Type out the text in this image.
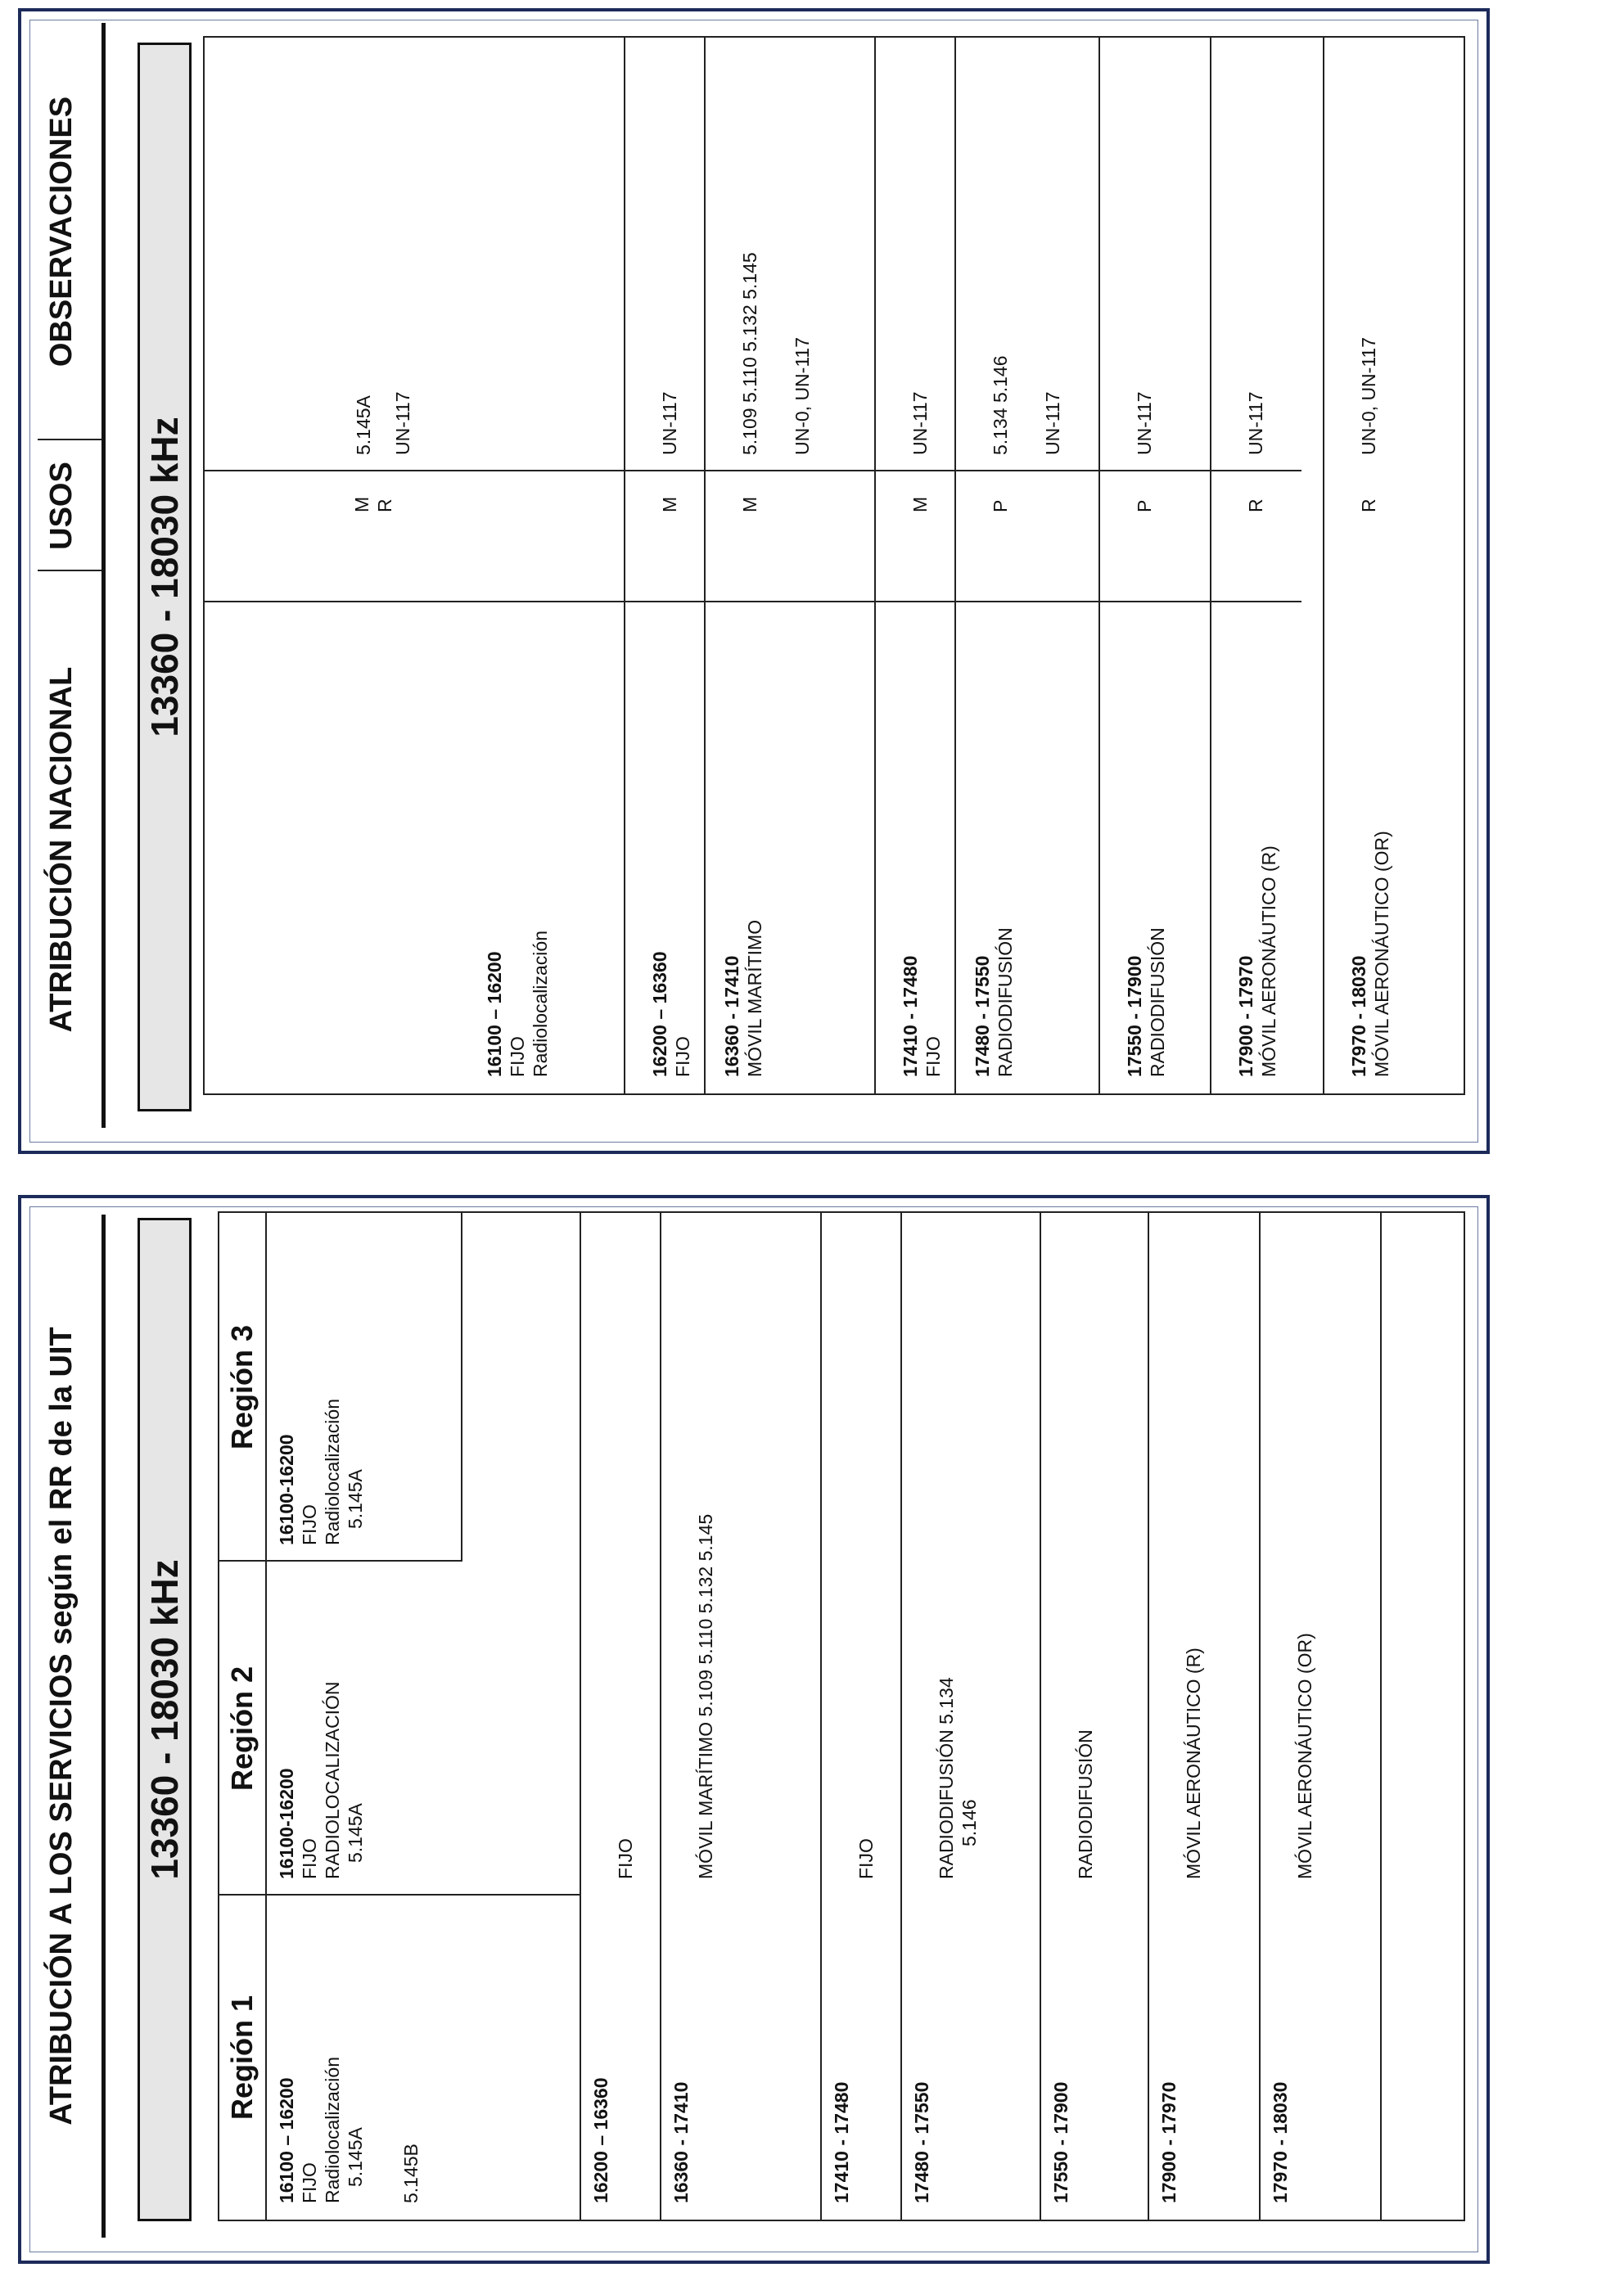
ATRIBUCIÓN A LOS SERVICIOS según el RR de la UIT 13360 - 18030 kHz
Región 1
Región 2
Región 3
16100 – 16200 FIJO Radiolocalización 5.145A 5.145B
16100-16200 FIJO RADIOLOCALIZACIÓN 5.145A
16100-16200 FIJO Radiolocalización 5.145A
16200 – 16360
FIJO
16360 - 17410
MÓVIL MARÍTIMO 5.109 5.110 5.132 5.145
17410 - 17480
FIJO
17480 - 17550
RADIODIFUSIÓN 5.134 5.146
17550 - 17900
RADIODIFUSIÓN
17900 - 17970
MÓVIL AERONÁUTICO (R)
17970 - 18030
MÓVIL AERONÁUTICO (OR)
ATRIBUCIÓN NACIONAL
USOS
OBSERVACIONES
13360 - 18030 kHz
16100 – 16200 FIJO Radiolocalización
M R
5.145A UN-117
16200 – 16360 FIJO
M
UN-117
16360 - 17410 MÓVIL MARÍTIMO
M
5.109 5.110 5.132 5.145 UN-0, UN-117
17410 - 17480 FIJO
M
UN-117
17480 - 17550 RADIODIFUSIÓN
P
5.134 5.146 UN-117
17550 - 17900 RADIODIFUSIÓN
P
UN-117
17900 - 17970 MÓVIL AERONÁUTICO (R)
R
UN-117
17970 - 18030 MÓVIL AERONÁUTICO (OR)
R
UN-0, UN-117
